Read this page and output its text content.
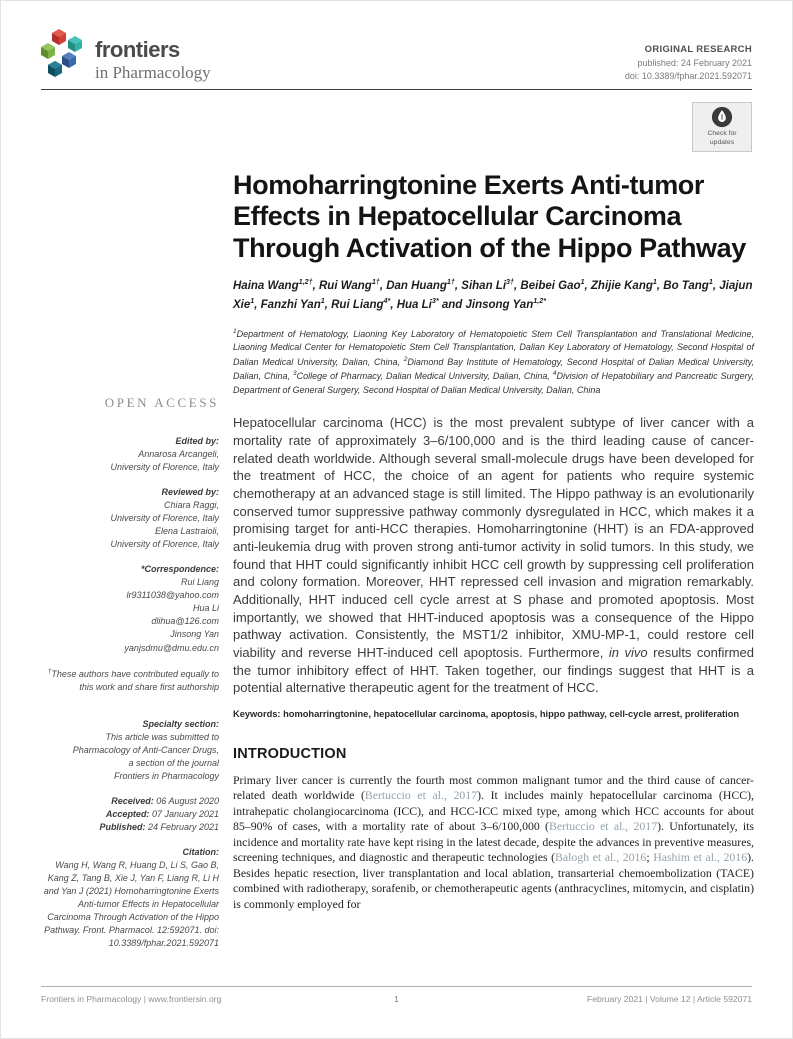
frontiers
in Pharmacology
ORIGINAL RESEARCH
published: 24 February 2021
doi: 10.3389/fphar.2021.592071
Check for
updates
Homoharringtonine Exerts Anti-tumor Effects in Hepatocellular Carcinoma Through Activation of the Hippo Pathway
Haina Wang$^{1,2\dagger}$, Rui Wang$^{1\dagger}$, Dan Huang$^{1\dagger}$, Sihan $Li^{3\dagger}$, Beibei Gao$^1$, Zhijie Kang$^1$, Bo Tang$^1$, Jiajun Xie$^1$, Fanzhi Yan$^1$, Rui Liang$^{4*}$, Hua $Li^{3*}$ and Jinsong Yan$^{1,2*}$
$^1$Department of Hematology, Liaoning Key Laboratory of Hematopoietic Stem Cell Transplantation and Translational Medicine, Liaoning Medical Center for Hematopoietic Stem Cell Transplantation, Dalian Key Laboratory of Hematology, Second Hospital of Dalian Medical University, Dalian, China, $^2$Diamond Bay Institute of Hematology, Second Hospital of Dalian Medical University, Dalian, China, $^3$College of Pharmacy, Dalian Medical University, Dalian, China, $^4$Division of Hepatobiliary and Pancreatic Surgery, Department of General Surgery, Second Hospital of Dalian Medical University, Dalian, China

Hepatocellular carcinoma (HCC) is the most prevalent subtype of liver cancer with a mortality rate of approximately 3–6/100,000 and is the third leading cause of cancer-related death worldwide. Although several small-molecule drugs have been developed for the treatment of HCC, the choice of an agent for patients who require systemic chemotherapy at an advanced stage is still limited. The Hippo pathway is an evolutionarily conserved tumor suppressive pathway commonly dysregulated in HCC, which makes it a promising target for anti-HCC therapies. Homoharringtonine (HHT) is an FDA-approved anti-leukemia drug with proven strong anti-tumor activity in solid tumors. In this study, we found that HHT could significantly inhibit HCC cell growth by suppressing cell proliferation and colony formation. Moreover, HHT repressed cell invasion and migration remarkably. Additionally, HHT induced cell cycle arrest at S phase and promoted apoptosis. Most importantly, we showed that HHT-induced apoptosis was a consequence of the Hippo pathway activation. Consistently, the MST1/2 inhibitor, XMU-MP-1, could restore cell viability and reverse HHT-induced cell apoptosis. Furthermore, in vivo results confirmed the tumor inhibitory effect of HHT. Taken together, our findings suggest that HHT is a potential alternative therapeutic agent for the treatment of HCC.

Keywords: homoharringtonine, hepatocellular carcinoma, apoptosis, hippo pathway, cell-cycle arrest, proliferation
INTRODUCTION

Primary liver cancer is currently the fourth most common malignant tumor and the third cause of cancer-related death worldwide (Bertuccio et al., 2017). It includes mainly hepatocellular carcinoma (HCC), intrahepatic cholangiocarcinoma (ICC), and HCC-ICC mixed type, among which HCC accounts for about 85–90% of cases, with a mortality rate of about 3–6/100,000 (Bertuccio et al., 2017). Unfortunately, its incidence and mortality rate have kept rising in the latest decade, despite the advances in preventive measures, screening techniques, and diagnostic and therapeutic technologies (Balogh et al., 2016; Hashim et al., 2016). Besides hepatic resection, liver transplantation and local ablation, transarterial chemoembolization (TACE) combined with radiotherapy, sorafenib, or chemotherapeutic agents (anthracyclines, mitomycin, and cisplatin) is commonly employed for

OPEN ACCESS
Edited by:
Annarosa Arcangeli,
University of Florence, Italy
Reviewed by:
Chiara Raggi,
University of Florence, Italy
Elena Lastraioli,
University of Florence, Italy
*Correspondence:
Rui Liang
lr9311038@yahoo.com
Hua Li
dlihua@126.com
Jinsong Yan
yanjsdmu@dmu.edu.cn
†These authors have contributed equally to this work and share first authorship
Specialty section:
This article was submitted to
Pharmacology of Anti-Cancer Drugs,
a section of the journal
Frontiers in Pharmacology
Received: 06 August 2020
Accepted: 07 January 2021
Published: 24 February 2021
Citation:
Wang H, Wang R, Huang D, Li S, Gao B, Kang Z, Tang B, Xie J, Yan F, Liang R, Li H and Yan J (2021) Homoharringtonine Exerts Anti-tumor Effects in Hepatocellular Carcinoma Through Activation of the Hippo Pathway. Front. Pharmacol. 12:592071. doi: 10.3389/fphar.2021.592071
Frontiers in Pharmacology | www.frontiersin.org	1	February 2021 | Volume 12 | Article 592071
